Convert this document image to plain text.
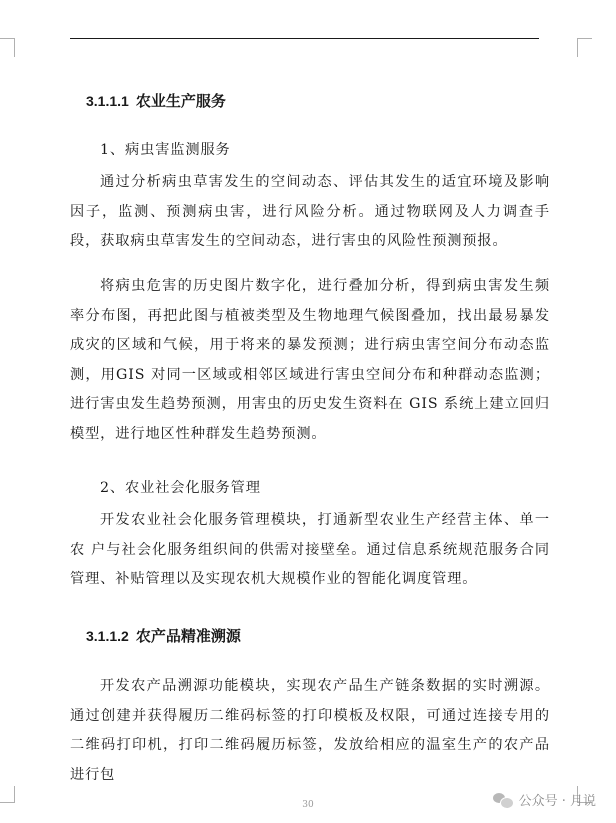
3.1.1.1 农业生产服务
1、病虫害监测服务

通过分析病虫草害发生的空间动态、评估其发生的适宜环境及影响因子，监测、预测病虫害，进行风险分析。通过物联网及人力调查手段，获取病虫草害发生的空间动态，进行害虫的风险性预测预报。

将病虫危害的历史图片数字化，进行叠加分析，得到病虫害发生频率分布图，再把此图与植被类型及生物地理气候图叠加，找出最易暴发成灾的区域和气候，用于将来的暴发预测；进行病虫害空间分布动态监测，用GIS 对同一区域或相邻区域进行害虫空间分布和种群动态监测；进行害虫发生趋势预测，用害虫的历史发生资料在 GIS 系统上建立回归模型，进行地区性种群发生趋势预测。

2、农业社会化服务管理

开发农业社会化服务管理模块，打通新型农业生产经营主体、单一农 户与社会化服务组织间的供需对接壁垒。通过信息系统规范服务合同管理、补贴管理以及实现农机大规模作业的智能化调度管理。

3.1.1.2 农产品精准溯源

开发农产品溯源功能模块，实现农产品生产链条数据的实时溯源。通过创建并获得履历二维码标签的打印模板及权限，可通过连接专用的二维码打印机，打印二维码履历标签，发放给相应的温室生产的农产品进行包

30	公众号 · 月说
